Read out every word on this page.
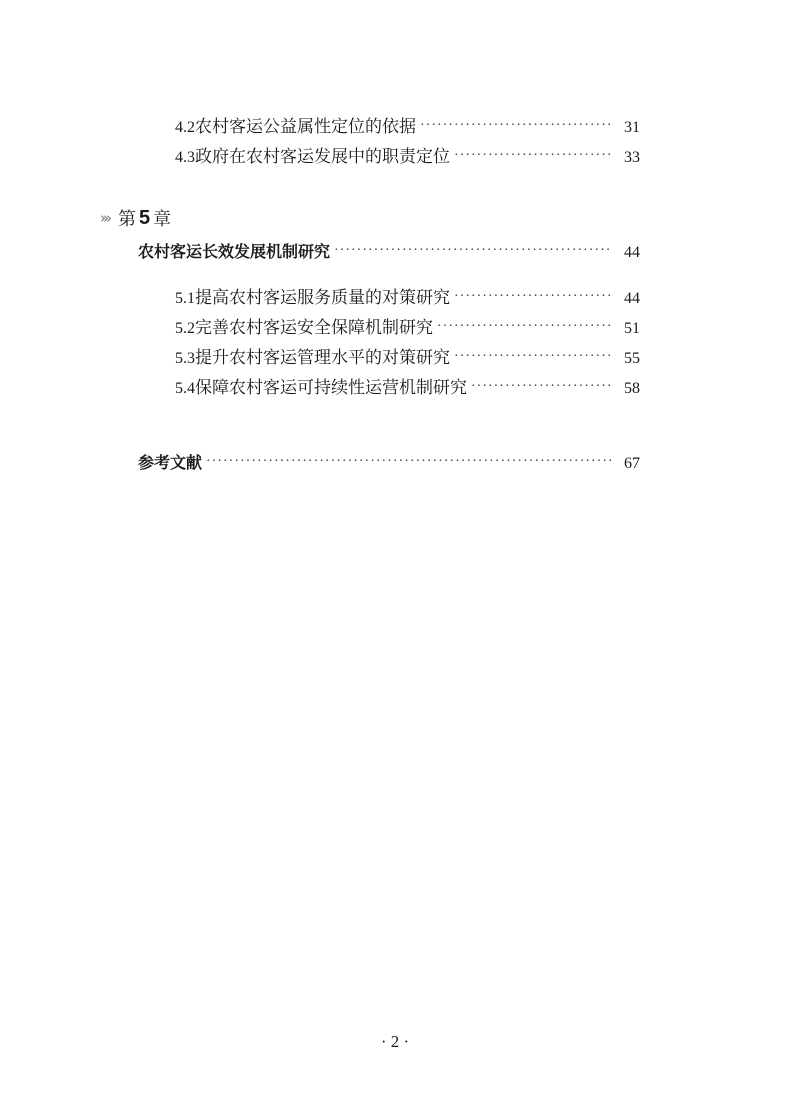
4.2 农村客运公益属性定位的依据 ·····	31
4.3 政府在农村客运发展中的职责定位 ·····	33
››› 第 5 章
农村客运长效发展机制研究 ·····	44
5.1 提高农村客运服务质量的对策研究 ·····	44
5.2 完善农村客运安全保障机制研究 ·····	51
5.3 提升农村客运管理水平的对策研究 ·····	55
5.4 保障农村客运可持续性运营机制研究 ·····	58
参考文献 ·····	67
· 2 ·
